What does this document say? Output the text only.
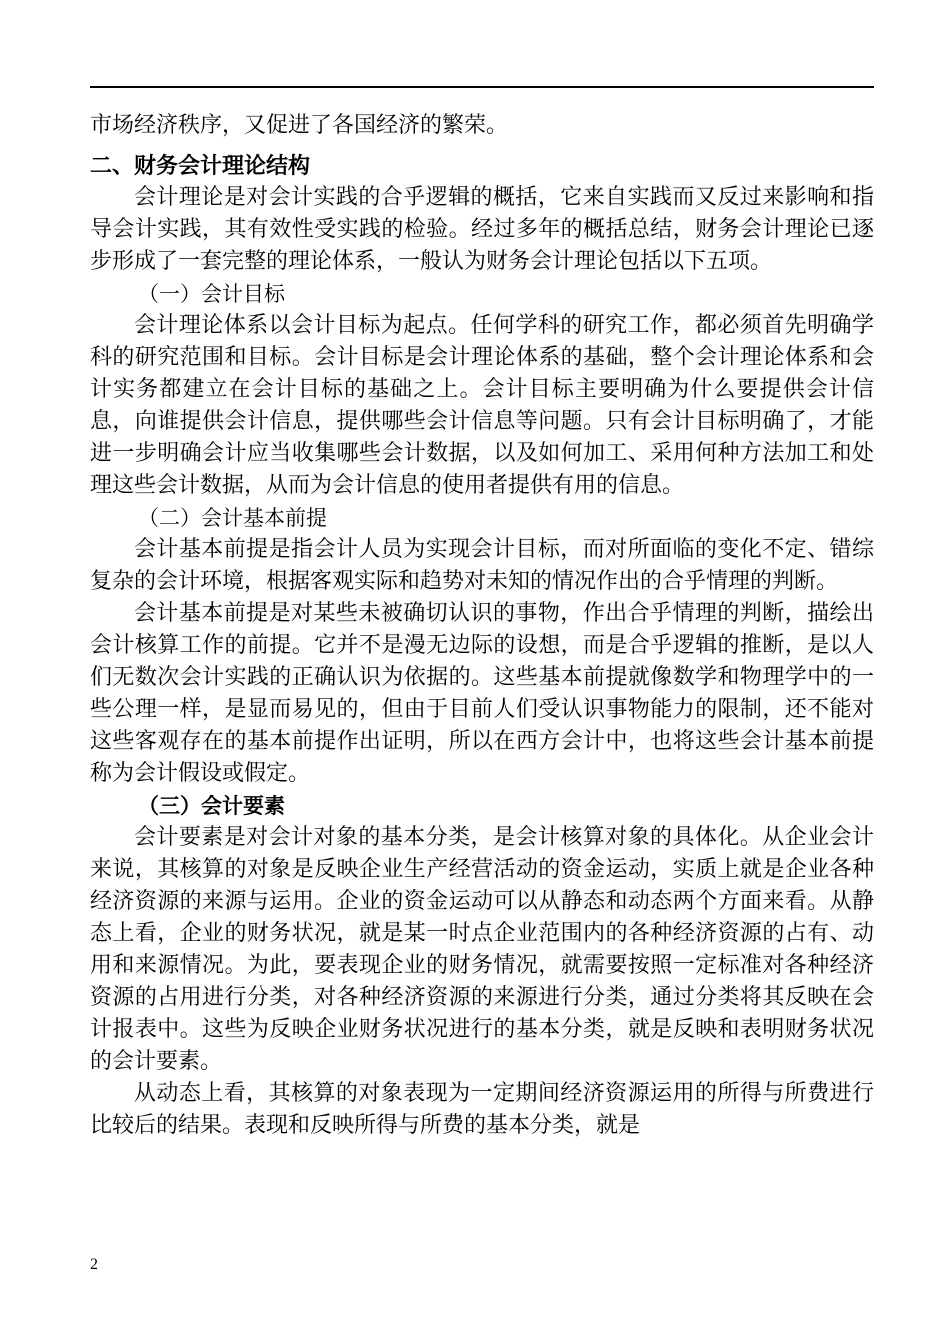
市场经济秩序，又促进了各国经济的繁荣。

二、财务会计理论结构

会计理论是对会计实践的合乎逻辑的概括，它来自实践而又反过来影响和指导会计实践，其有效性受实践的检验。经过多年的概括总结，财务会计理论已逐步形成了一套完整的理论体系，一般认为财务会计理论包括以下五项。

（一）会计目标

会计理论体系以会计目标为起点。任何学科的研究工作，都必须首先明确学科的研究范围和目标。会计目标是会计理论体系的基础，整个会计理论体系和会计实务都建立在会计目标的基础之上。会计目标主要明确为什么要提供会计信息，向谁提供会计信息，提供哪些会计信息等问题。只有会计目标明确了，才能进一步明确会计应当收集哪些会计数据，以及如何加工、采用何种方法加工和处理这些会计数据，从而为会计信息的使用者提供有用的信息。

（二）会计基本前提

会计基本前提是指会计人员为实现会计目标，而对所面临的变化不定、错综复杂的会计环境，根据客观实际和趋势对未知的情况作出的合乎情理的判断。

会计基本前提是对某些未被确切认识的事物，作出合乎情理的判断，描绘出会计核算工作的前提。它并不是漫无边际的设想，而是合乎逻辑的推断，是以人们无数次会计实践的正确认识为依据的。这些基本前提就像数学和物理学中的一些公理一样，是显而易见的，但由于目前人们受认识事物能力的限制，还不能对这些客观存在的基本前提作出证明，所以在西方会计中，也将这些会计基本前提称为会计假设或假定。

（三）会计要素

会计要素是对会计对象的基本分类，是会计核算对象的具体化。从企业会计来说，其核算的对象是反映企业生产经营活动的资金运动，实质上就是企业各种经济资源的来源与运用。企业的资金运动可以从静态和动态两个方面来看。从静态上看，企业的财务状况，就是某一时点企业范围内的各种经济资源的占有、动用和来源情况。为此，要表现企业的财务情况，就需要按照一定标准对各种经济资源的占用进行分类，对各种经济资源的来源进行分类，通过分类将其反映在会计报表中。这些为反映企业财务状况进行的基本分类，就是反映和表明财务状况的会计要素。

从动态上看，其核算的对象表现为一定期间经济资源运用的所得与所费进行比较后的结果。表现和反映所得与所费的基本分类，就是

2
